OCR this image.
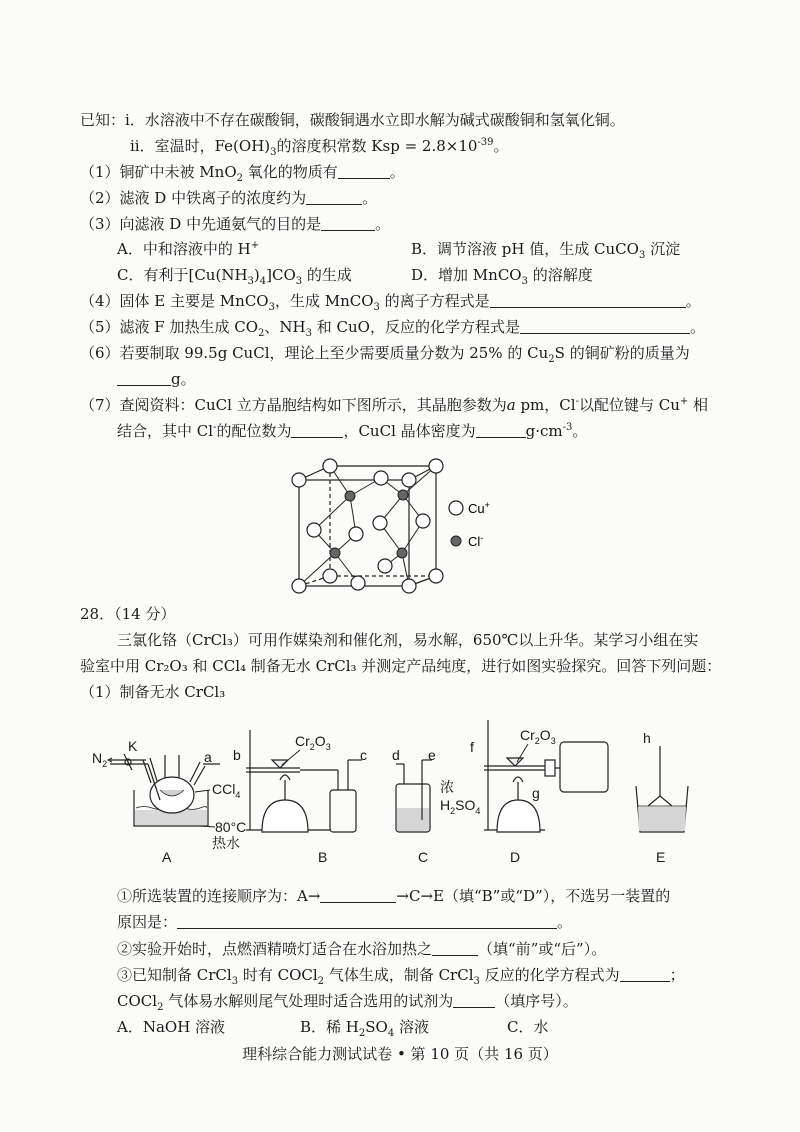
已知：i．水溶液中不存在碳酸铜，碳酸铜遇水立即水解为碱式碳酸铜和氢氧化铜。
ii．室温时，$Fe(OH)_3$的溶度积常数 Ksp = $2.8\times 10^{-39}$。
（1）铜矿中未被 MnO$_2$ 氧化的物质有	。
（2）滤液 D 中铁离子的浓度约为	。
（3）向滤液 D 中先通氨气的目的是	。
A．中和溶液中的 H+	B．调节溶液 pH 值，生成 CuCO$_3$ 沉淀
C．有利于$[Cu(NH_3)_4]CO_3$ 的生成	D．增加 MnCO$_3$ 的溶解度
（4）固体 E 主要是 MnCO$_3$，生成 MnCO$_3$ 的离子方程式是	。
（5）滤液 F 加热生成 $CO_2$、$NH_3$ 和 CuO，反应的化学方程式是	。
（6）若要制取 99.5g CuCl，理论上至少需要质量分数为 25% 的 $Cu_2S$ 的铜矿粉的质量为
g。
（7）查阅资料：CuCl 立方晶胞结构如下图所示，其晶胞参数为a pm，Cl-以配位键与 Cu+ 相
结合，其中 Cl-的配位数为	，CuCl 晶体密度为	$g\cdot cm^{-3}$。
Cu+
Cl-
28．（14 分）
三氯化铬（CrCl₃）可用作媒染剂和催化剂，易水解，650℃以上升华。某学习小组在实
验室中用 Cr₂O₃ 和 CCl₄ 制备无水 CrCl₃ 并测定产品纯度，进行如图实验探究。回答下列问题：
（1）制备无水 CrCl₃
$N_2$
K
a
CCl$_4$
80°C
热水
A
b	c
$Cr_2O_3$
B
d e
浓
$H_2SO_4$
C
f
g
$Cr_2O_3$
D
h
E
①所选装置的连接顺序为：A→	→C→E（填“B”或“D”），不选另一装置的
原因是：	。
②实验开始时，点燃酒精喷灯适合在水浴加热之	（填“前”或“后”）。
③已知制备 CrCl$_3$ 时有 COCl$_2$ 气体生成，制备 CrCl$_3$ 反应的化学方程式为	；
COCl$_2$ 气体易水解则尾气处理时适合选用的试剂为	（填序号）。
A．NaOH 溶液	B．稀 $H_2SO_4$ 溶液	C．水
理科综合能力测试试卷 • 第 10 页（共 16 页）
